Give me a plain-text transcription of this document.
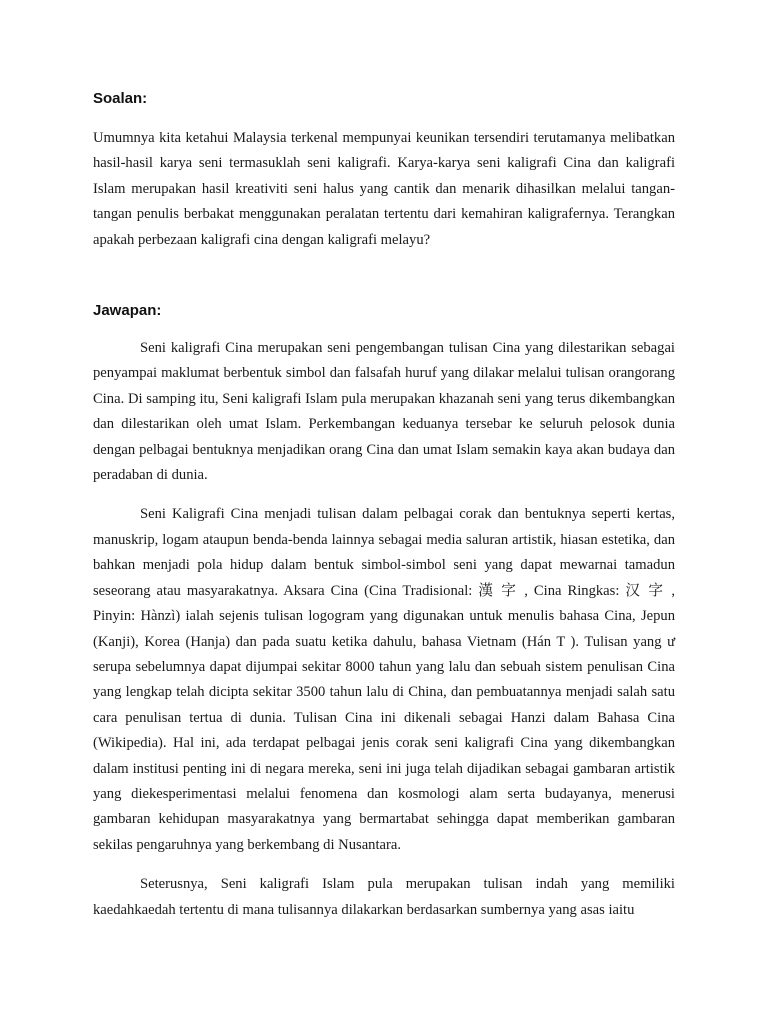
Soalan:

Umumnya kita ketahui Malaysia terkenal mempunyai keunikan tersendiri terutamanya melibatkan hasil-hasil karya seni termasuklah seni kaligrafi. Karya-karya seni kaligrafi Cina dan kaligrafi Islam merupakan hasil kreativiti seni halus yang cantik dan menarik dihasilkan melalui tangan-tangan penulis berbakat menggunakan peralatan tertentu dari kemahiran kaligrafernya. Terangkan apakah perbezaan kaligrafi cina dengan kaligrafi melayu?

Jawapan:

Seni kaligrafi Cina merupakan seni pengembangan tulisan Cina yang dilestarikan sebagai penyampai maklumat berbentuk simbol dan falsafah huruf yang dilakar melalui tulisan orangorang Cina. Di samping itu, Seni kaligrafi Islam pula merupakan khazanah seni yang terus dikembangkan dan dilestarikan oleh umat Islam. Perkembangan keduanya tersebar ke seluruh pelosok dunia dengan pelbagai bentuknya menjadikan orang Cina dan umat Islam semakin kaya akan budaya dan peradaban di dunia.

Seni Kaligrafi Cina menjadi tulisan dalam pelbagai corak dan bentuknya seperti kertas, manuskrip, logam ataupun benda-benda lainnya sebagai media saluran artistik, hiasan estetika, dan bahkan menjadi pola hidup dalam bentuk simbol-simbol seni yang dapat mewarnai tamadun seseorang atau masyarakatnya. Aksara Cina (Cina Tradisional: 漢 字 , Cina Ringkas: 汉 字 , Pinyin: Hànzì) ialah sejenis tulisan logogram yang digunakan untuk menulis bahasa Cina, Jepun (Kanji), Korea (Hanja) dan pada suatu ketika dahulu, bahasa Vietnam (Hán T ). Tulisan yang ư serupa sebelumnya dapat dijumpai sekitar 8000 tahun yang lalu dan sebuah sistem penulisan Cina yang lengkap telah dicipta sekitar 3500 tahun lalu di China, dan pembuatannya menjadi salah satu cara penulisan tertua di dunia. Tulisan Cina ini dikenali sebagai Hanzi dalam Bahasa Cina (Wikipedia). Hal ini, ada terdapat pelbagai jenis corak seni kaligrafi Cina yang dikembangkan dalam institusi penting ini di negara mereka, seni ini juga telah dijadikan sebagai gambaran artistik yang diekesperimentasi melalui fenomena dan kosmologi alam serta budayanya, menerusi gambaran kehidupan masyarakatnya yang bermartabat sehingga dapat memberikan gambaran sekilas pengaruhnya yang berkembang di Nusantara.

Seterusnya, Seni kaligrafi Islam pula merupakan tulisan indah yang memiliki kaedahkaedah tertentu di mana tulisannya dilakarkan berdasarkan sumbernya yang asas iaitu
